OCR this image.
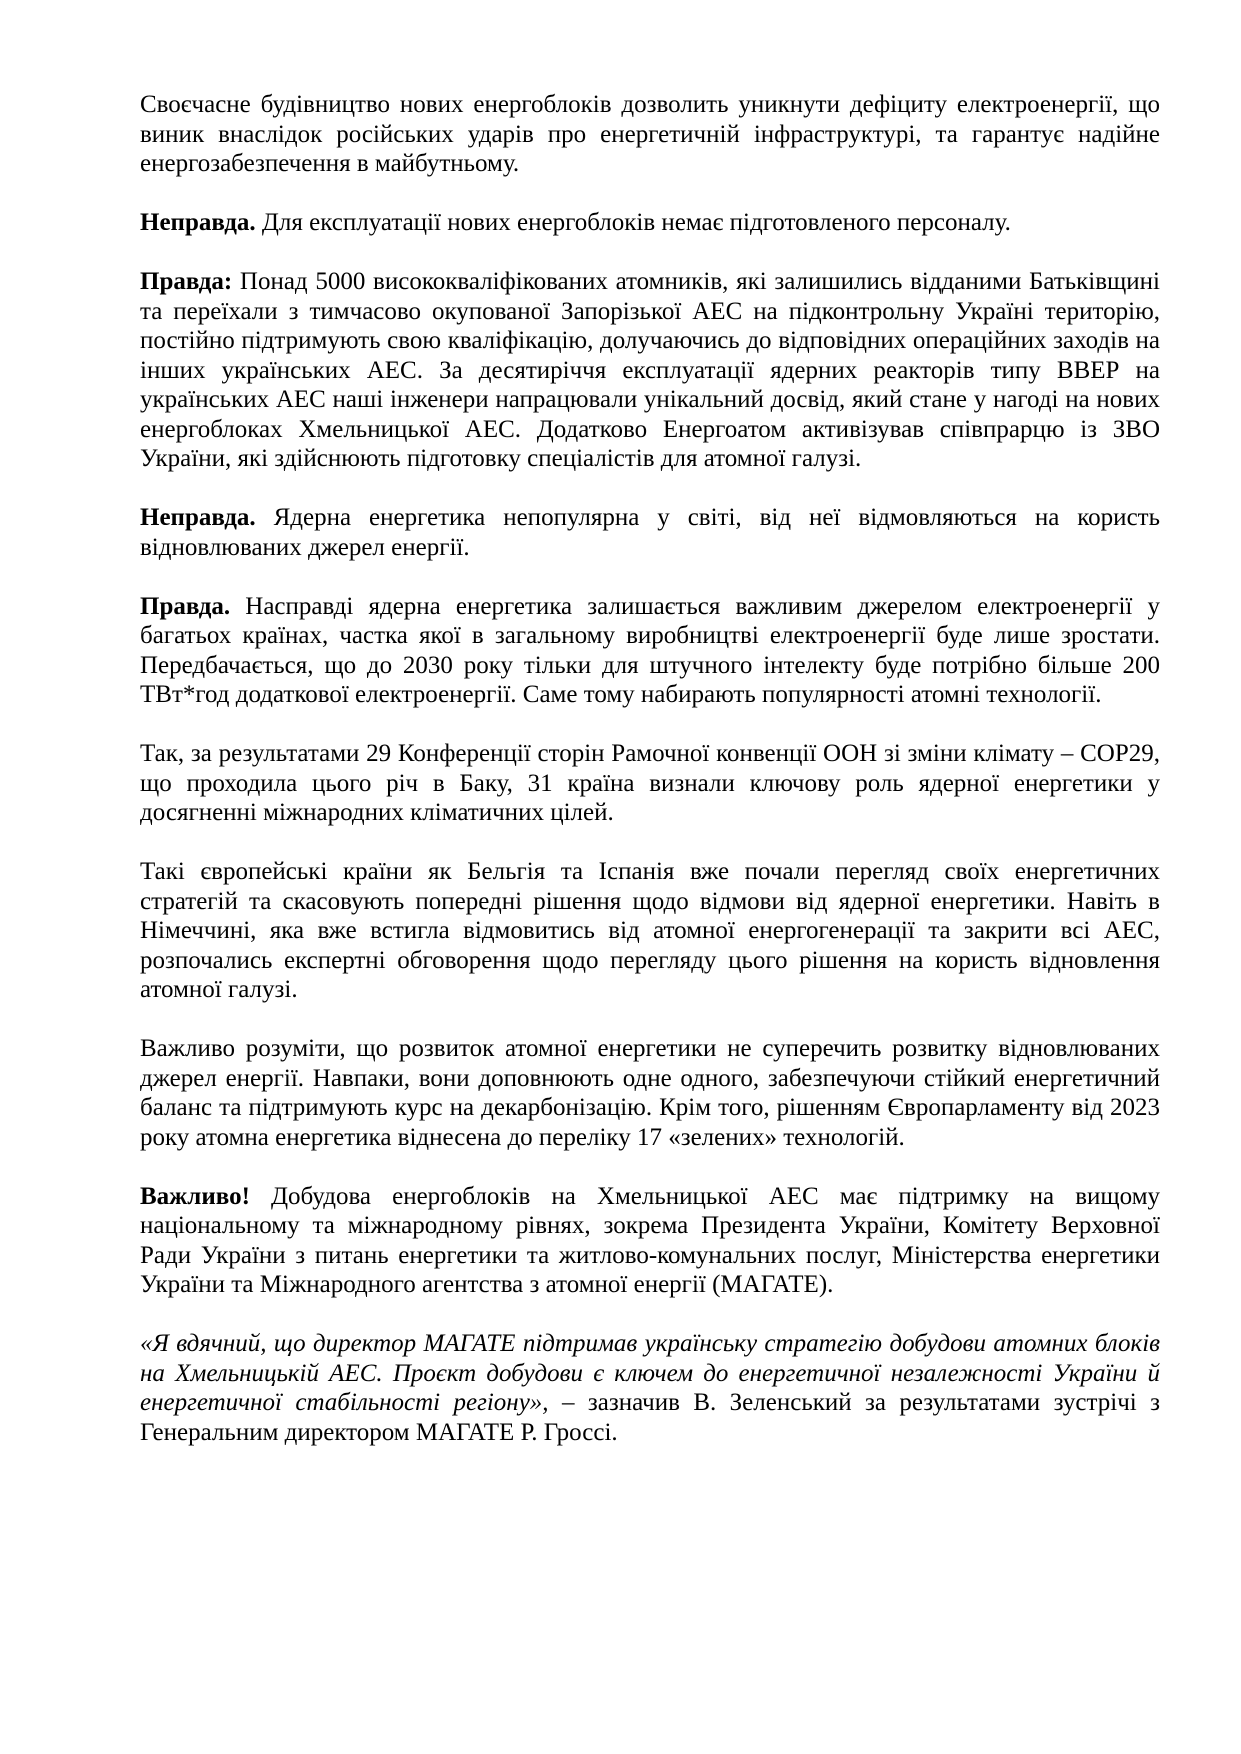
Своєчасне будівництво нових енергоблоків дозволить уникнути дефіциту електроенергії, що виник внаслідок російських ударів про енергетичній інфраструктурі, та гарантує надійне енергозабезпечення в майбутньому.

Неправда. Для експлуатації нових енергоблоків немає підготовленого персоналу.

Правда: Понад 5000 висококваліфікованих атомників, які залишились відданими Батьківщині та переїхали з тимчасово окупованої Запорізької АЕС на підконтрольну Україні територію, постійно підтримують свою кваліфікацію, долучаючись до відповідних операційних заходів на інших українських АЕС. За десятиріччя експлуатації ядерних реакторів типу ВВЕР на українських АЕС наші інженери напрацювали унікальний досвід, який стане у нагоді на нових енергоблоках Хмельницької АЕС. Додатково Енергоатом активізував співпрарцю із ЗВО України, які здійснюють підготовку спеціалістів для атомної галузі.

Неправда. Ядерна енергетика непопулярна у світі, від неї відмовляються на користь відновлюваних джерел енергії.

Правда. Насправді ядерна енергетика залишається важливим джерелом електроенергії у багатьох країнах, частка якої в загальному виробництві електроенергії буде лише зростати. Передбачається, що до 2030 року тільки для штучного інтелекту буде потрібно більше 200 ТВт*год додаткової електроенергії. Саме тому набирають популярності атомні технології.

Так, за результатами 29 Конференції сторін Рамочної конвенції ООН зі зміни клімату – СОР29, що проходила цього річ в Баку, 31 країна визнали ключову роль ядерної енергетики у досягненні міжнародних кліматичних цілей.

Такі європейські країни як Бельгія та Іспанія вже почали перегляд своїх енергетичних стратегій та скасовують попередні рішення щодо відмови від ядерної енергетики. Навіть в Німеччині, яка вже встигла відмовитись від атомної енергогенерації та закрити всі АЕС, розпочались експертні обговорення щодо перегляду цього рішення на користь відновлення атомної галузі.

Важливо розуміти, що розвиток атомної енергетики не суперечить розвитку відновлюваних джерел енергії. Навпаки, вони доповнюють одне одного, забезпечуючи стійкий енергетичний баланс та підтримують курс на декарбонізацію. Крім того, рішенням Європарламенту від 2023 року атомна енергетика віднесена до переліку 17 «зелених» технологій.

Важливо! Добудова енергоблоків на Хмельницької АЕС має підтримку на вищому національному та міжнародному рівнях, зокрема Президента України, Комітету Верховної Ради України з питань енергетики та житлово-комунальних послуг, Міністерства енергетики України та Міжнародного агентства з атомної енергії (МАГАТЕ).

«Я вдячний, що директор МАГАТЕ підтримав українську стратегію добудови атомних блоків на Хмельницькій АЕС. Проєкт добудови є ключем до енергетичної незалежності України й енергетичної стабільності регіону», – зазначив В. Зеленський за результатами зустрічі з Генеральним директором МАГАТЕ Р. Гроссі.
